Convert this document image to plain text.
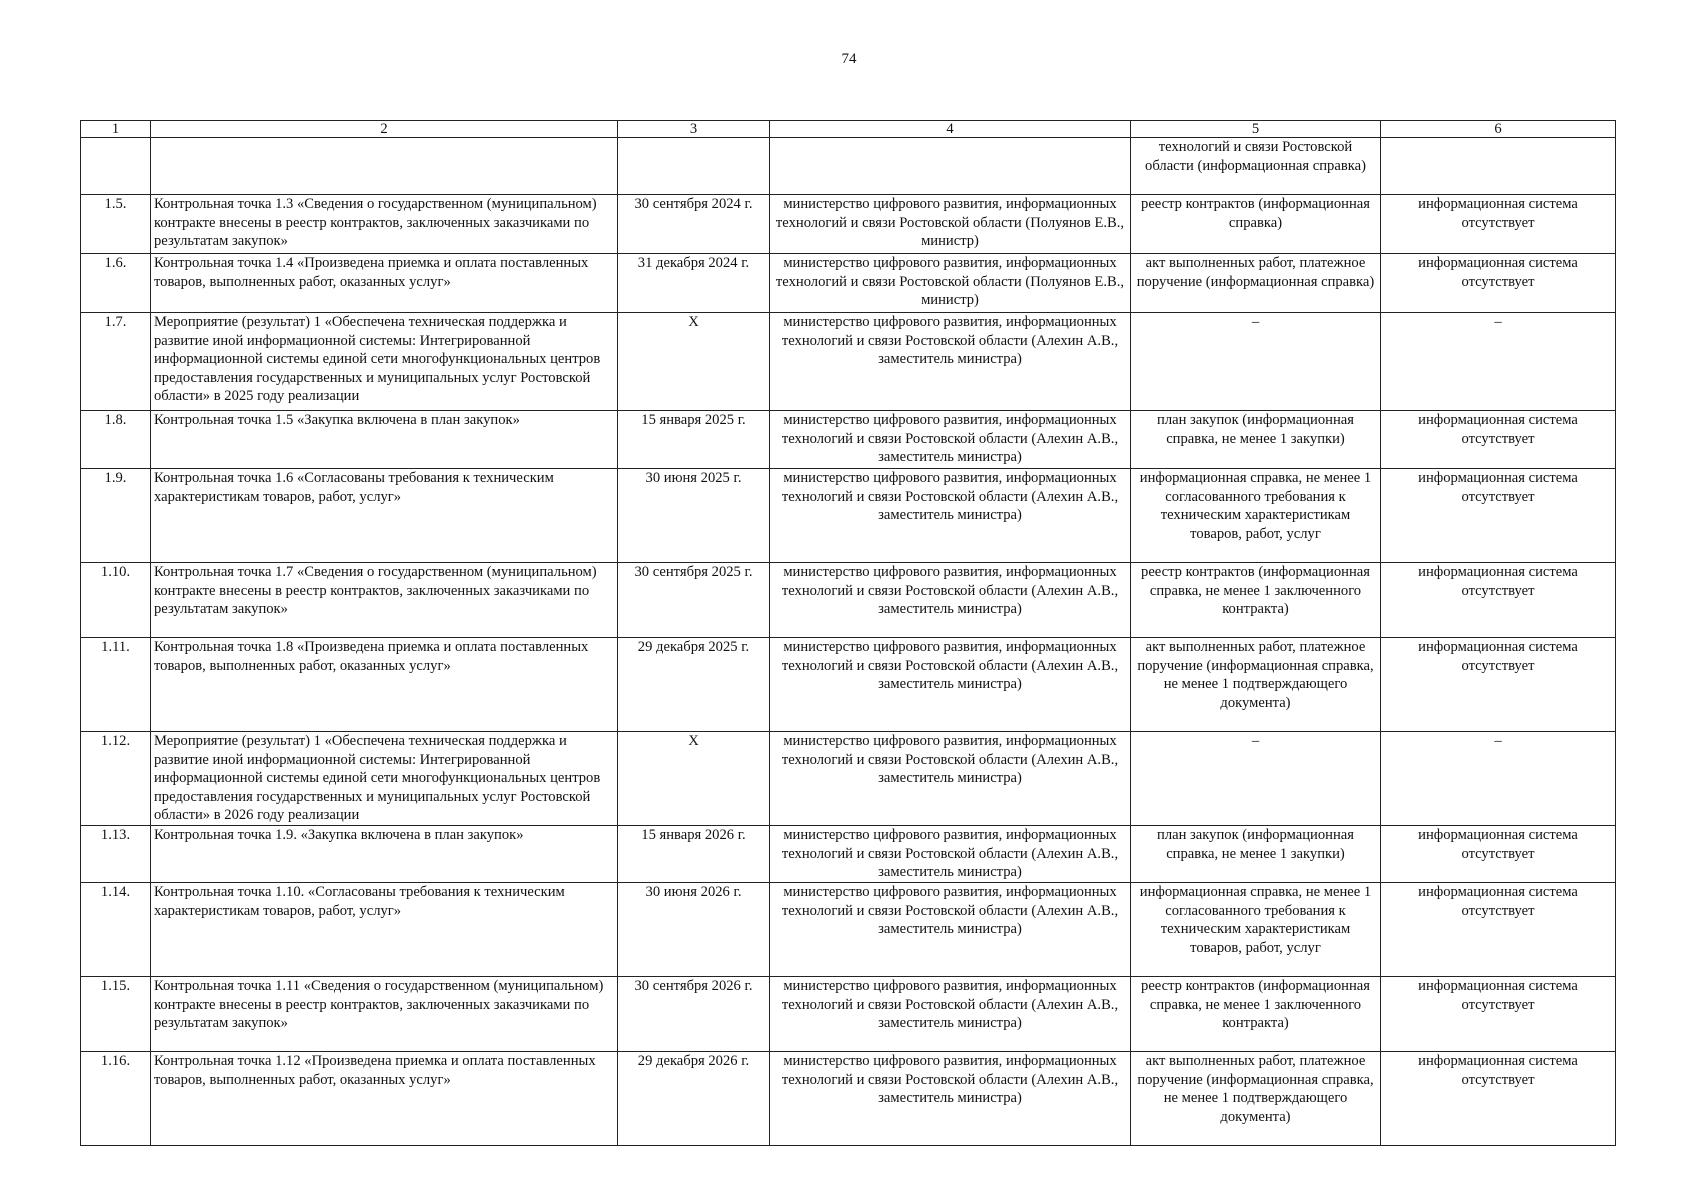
74
1	2	3	4	5	6
				технологий и связи Ростовской области (информационная справка)	
1.5.	Контрольная точка 1.3 «Сведения о государственном (муниципальном) контракте внесены в реестр контрактов, заключенных заказчиками по результатам закупок»	30 сентября 2024 г.	министерство цифрового развития, информационных технологий и связи Ростовской области (Полуянов Е.В., министр)	реестр контрактов (информационная справка)	информационная система отсутствует
1.6.	Контрольная точка 1.4 «Произведена приемка и оплата поставленных товаров, выполненных работ, оказанных услуг»	31 декабря 2024 г.	министерство цифрового развития, информационных технологий и связи Ростовской области (Полуянов Е.В., министр)	акт выполненных работ, платежное поручение (информационная справка)	информационная система отсутствует
1.7.	Мероприятие (результат) 1 «Обеспечена техническая поддержка и развитие иной информационной системы: Интегрированной информационной системы единой сети многофункциональных центров предоставления государственных и муниципальных услуг Ростовской области» в 2025 году реализации	Х	министерство цифрового развития, информационных технологий и связи Ростовской области (Алехин А.В., заместитель министра)	–	–
1.8.	Контрольная точка 1.5 «Закупка включена в план закупок»	15 января 2025 г.	министерство цифрового развития, информационных технологий и связи Ростовской области (Алехин А.В., заместитель министра)	план закупок (информационная справка, не менее 1 закупки)	информационная система отсутствует
1.9.	Контрольная точка 1.6 «Согласованы требования к техническим характеристикам товаров, работ, услуг»	30 июня 2025 г.	министерство цифрового развития, информационных технологий и связи Ростовской области (Алехин А.В., заместитель министра)	информационная справка, не менее 1 согласованного требования к техническим характеристикам товаров, работ, услуг	информационная система отсутствует
1.10.	Контрольная точка 1.7 «Сведения о государственном (муниципальном) контракте внесены в реестр контрактов, заключенных заказчиками по результатам закупок»	30 сентября 2025 г.	министерство цифрового развития, информационных технологий и связи Ростовской области (Алехин А.В., заместитель министра)	реестр контрактов (информационная справка, не менее 1 заключенного контракта)	информационная система отсутствует
1.11.	Контрольная точка 1.8 «Произведена приемка и оплата поставленных товаров, выполненных работ, оказанных услуг»	29 декабря 2025 г.	министерство цифрового развития, информационных технологий и связи Ростовской области (Алехин А.В., заместитель министра)	акт выполненных работ, платежное поручение (информационная справка, не менее 1 подтверждающего документа)	информационная система отсутствует
1.12.	Мероприятие (результат) 1 «Обеспечена техническая поддержка и развитие иной информационной системы: Интегрированной информационной системы единой сети многофункциональных центров предоставления государственных и муниципальных услуг Ростовской области» в 2026 году реализации	Х	министерство цифрового развития, информационных технологий и связи Ростовской области (Алехин А.В., заместитель министра)	–	–
1.13.	Контрольная точка 1.9. «Закупка включена в план закупок»	15 января 2026 г.	министерство цифрового развития, информационных технологий и связи Ростовской области (Алехин А.В., заместитель министра)	план закупок (информационная справка, не менее 1 закупки)	информационная система отсутствует
1.14.	Контрольная точка 1.10. «Согласованы требования к техническим характеристикам товаров, работ, услуг»	30 июня 2026 г.	министерство цифрового развития, информационных технологий и связи Ростовской области (Алехин А.В., заместитель министра)	информационная справка, не менее 1 согласованного требования к техническим характеристикам товаров, работ, услуг	информационная система отсутствует
1.15.	Контрольная точка 1.11 «Сведения о государственном (муниципальном) контракте внесены в реестр контрактов, заключенных заказчиками по результатам закупок»	30 сентября 2026 г.	министерство цифрового развития, информационных технологий и связи Ростовской области (Алехин А.В., заместитель министра)	реестр контрактов (информационная справка, не менее 1 заключенного контракта)	информационная система отсутствует
1.16.	Контрольная точка 1.12 «Произведена приемка и оплата поставленных товаров, выполненных работ, оказанных услуг»	29 декабря 2026 г.	министерство цифрового развития, информационных технологий и связи Ростовской области (Алехин А.В., заместитель министра)	акт выполненных работ, платежное поручение (информационная справка, не менее 1 подтверждающего документа)	информационная система отсутствует
